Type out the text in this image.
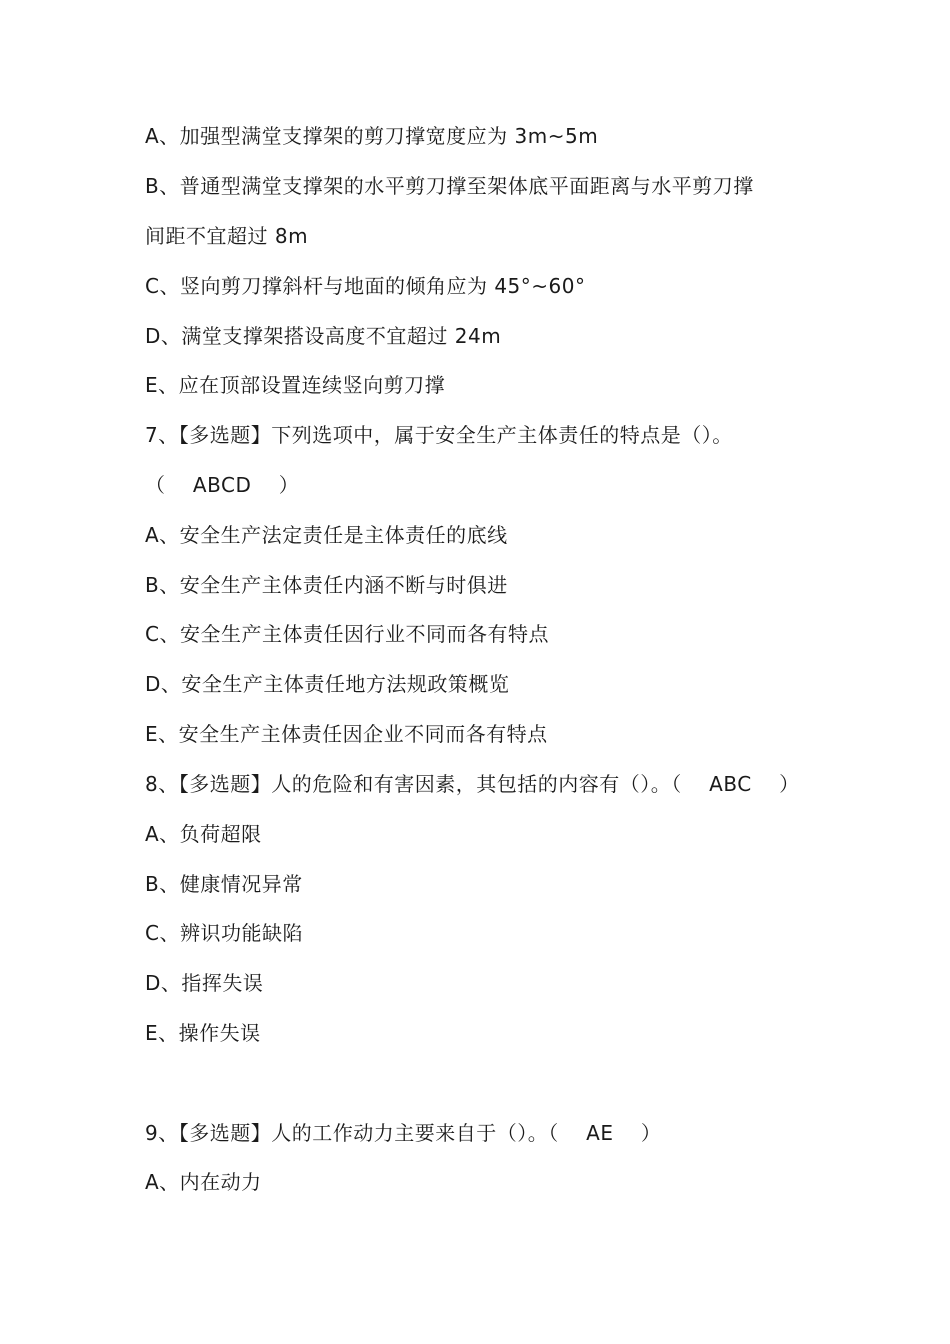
A、加强型满堂支撑架的剪刀撑宽度应为 3m~5m
B、普通型满堂支撑架的水平剪刀撑至架体底平面距离与水平剪刀撑
间距不宜超过 8m
C、竖向剪刀撑斜杆与地面的倾角应为 45°~60°
D、满堂支撑架搭设高度不宜超过 24m
E、应在顶部设置连续竖向剪刀撑
7、【多选题】下列选项中，属于安全生产主体责任的特点是（）。
（    ABCD    ）
A、安全生产法定责任是主体责任的底线
B、安全生产主体责任内涵不断与时俱进
C、安全生产主体责任因行业不同而各有特点
D、安全生产主体责任地方法规政策概览
E、安全生产主体责任因企业不同而各有特点
8、【多选题】人的危险和有害因素，其包括的内容有（）。（    ABC    ）
A、负荷超限
B、健康情况异常
C、辨识功能缺陷
D、指挥失误
E、操作失误
9、【多选题】人的工作动力主要来自于（）。（    AE    ）
A、内在动力
